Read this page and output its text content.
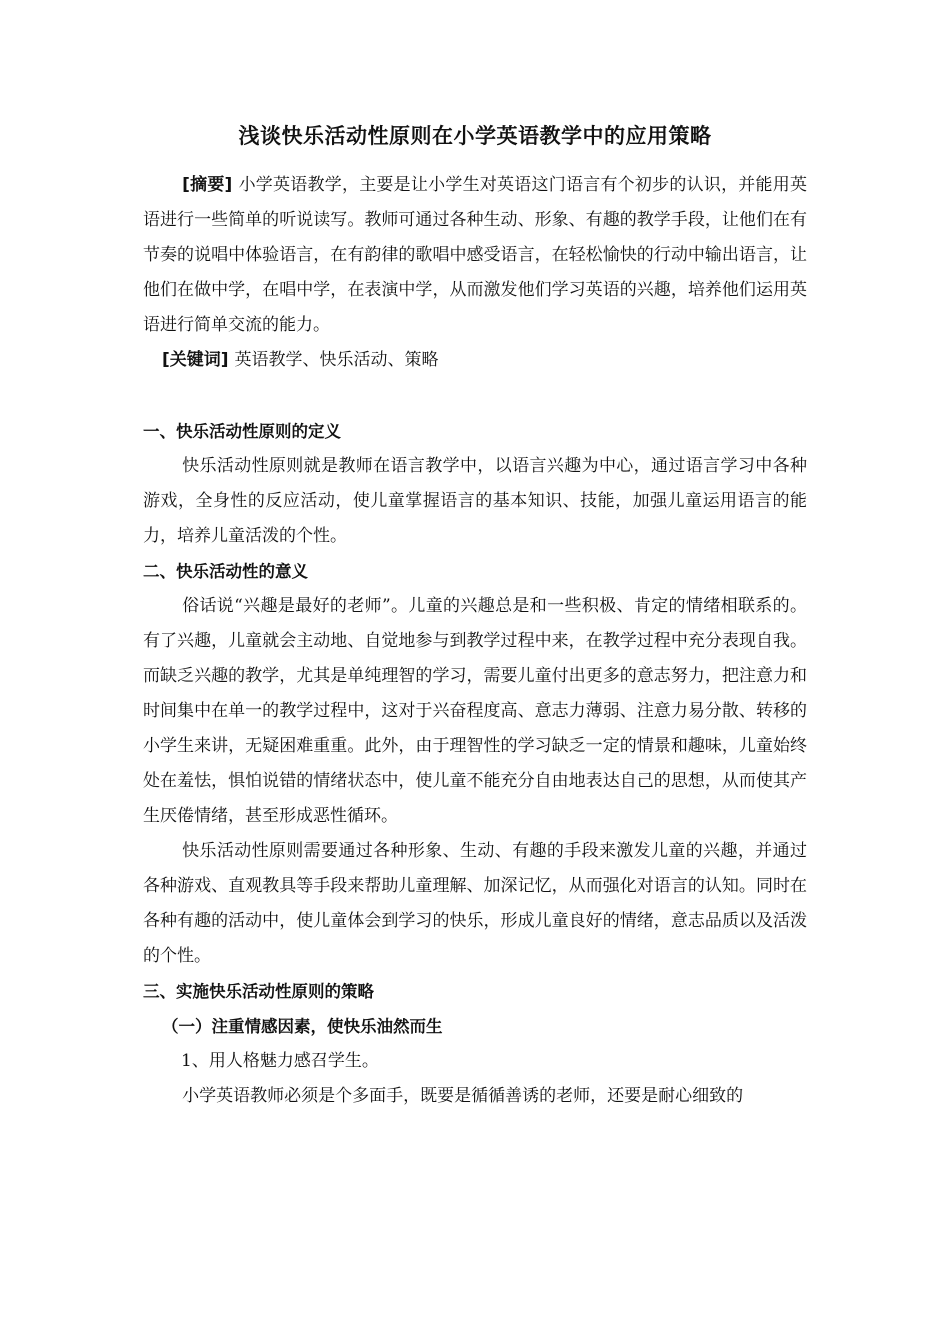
浅谈快乐活动性原则在小学英语教学中的应用策略

[摘要] 小学英语教学，主要是让小学生对英语这门语言有个初步的认识，并能用英语进行一些简单的听说读写。教师可通过各种生动、形象、有趣的教学手段，让他们在有节奏的说唱中体验语言，在有韵律的歌唱中感受语言，在轻松愉快的行动中输出语言，让他们在做中学，在唱中学，在表演中学，从而激发他们学习英语的兴趣，培养他们运用英语进行简单交流的能力。

[关键词] 英语教学、快乐活动、策略

一、快乐活动性原则的定义

快乐活动性原则就是教师在语言教学中，以语言兴趣为中心，通过语言学习中各种游戏，全身性的反应活动，使儿童掌握语言的基本知识、技能，加强儿童运用语言的能力，培养儿童活泼的个性。

二、快乐活动性的意义

俗话说“兴趣是最好的老师”。儿童的兴趣总是和一些积极、肯定的情绪相联系的。有了兴趣，儿童就会主动地、自觉地参与到教学过程中来，在教学过程中充分表现自我。而缺乏兴趣的教学，尤其是单纯理智的学习，需要儿童付出更多的意志努力，把注意力和时间集中在单一的教学过程中，这对于兴奋程度高、意志力薄弱、注意力易分散、转移的小学生来讲，无疑困难重重。此外，由于理智性的学习缺乏一定的情景和趣味，儿童始终处在羞怯，惧怕说错的情绪状态中，使儿童不能充分自由地表达自己的思想，从而使其产生厌倦情绪，甚至形成恶性循环。

快乐活动性原则需要通过各种形象、生动、有趣的手段来激发儿童的兴趣，并通过各种游戏、直观教具等手段来帮助儿童理解、加深记忆，从而强化对语言的认知。同时在各种有趣的活动中，使儿童体会到学习的快乐，形成儿童良好的情绪，意志品质以及活泼的个性。

三、实施快乐活动性原则的策略
（一）注重情感因素，使快乐油然而生

1、用人格魅力感召学生。

小学英语教师必须是个多面手，既要是循循善诱的老师，还要是耐心细致的
